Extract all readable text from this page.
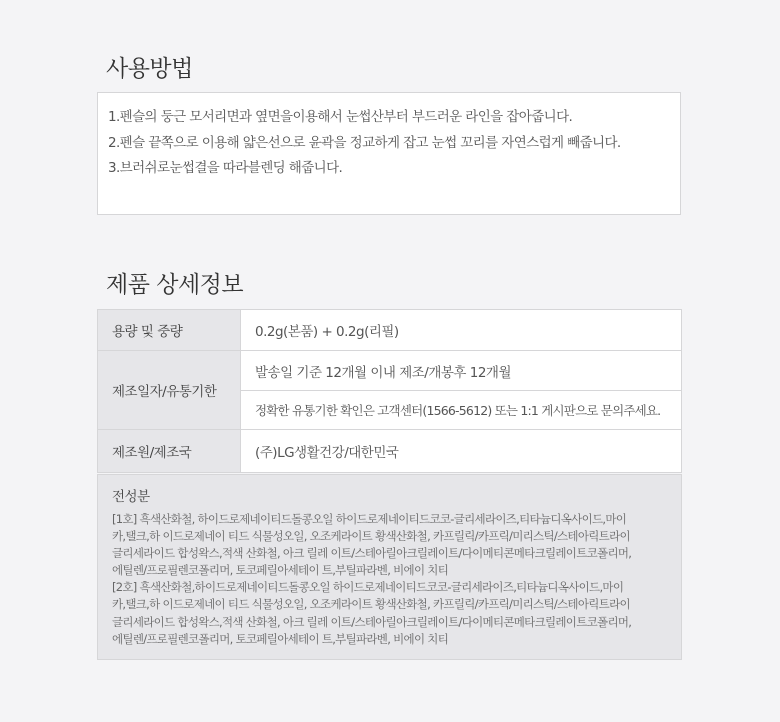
사용방법
1.펜슬의 둥근 모서리면과 옆면을이용해서 눈썹산부터 부드러운 라인을 잡아줍니다.
2.펜슬 끝쪽으로 이용해 얇은선으로 윤곽을 정교하게 잡고 눈썹 꼬리를 자연스럽게 빼줍니다.
3.브러쉬로눈썹결을 따라블렌딩 해줍니다.
제품 상세정보
용량 및 중량	0.2g(본품) + 0.2g(리필)
제조일자/유통기한	발송일 기준 12개월 이내 제조/개봉후 12개월
	정확한 유통기한 확인은 고객센터(1566-5612) 또는 1:1 게시판으로 문의주세요.
제조원/제조국	(주)LG생활건강/대한민국
전성분
[1호] 흑색산화철, 하이드로제네이티드돌콩오일 하이드로제네이티드코코-글리세라이즈,티타늄디옥사이드,마이
카,탤크,하 이드로제네이 티드 식물성오일, 오조케라이트 황색산화철, 카프릴릭/카프릭/미리스틱/스테아릭트라이
글리세라이드 합성왁스,적색 산화철, 아크 릴레 이트/스테아릴아크릴레이트/다이메티콘메타크릴레이트코폴리머,
에틸렌/프로필렌코폴리머, 토코페릴아세테이 트,부틸파라벤, 비에이 치티
[2호] 흑색산화철,하이드로제네이티드돌콩오일 하이드로제네이티드코코-글리세라이즈,티타늄디옥사이드,마이
카,탤크,하 이드로제네이 티드 식물성오일, 오조케라이트 황색산화철, 카프릴릭/카프릭/미리스틱/스테아릭트라이
글리세라이드 합성왁스,적색 산화철, 아크 릴레 이트/스테아릴아크릴레이트/다이메티콘메타크릴레이트코폴리머,
에틸렌/프로필렌코폴리머, 토코페릴아세테이 트,부틸파라벤, 비에이 치티
